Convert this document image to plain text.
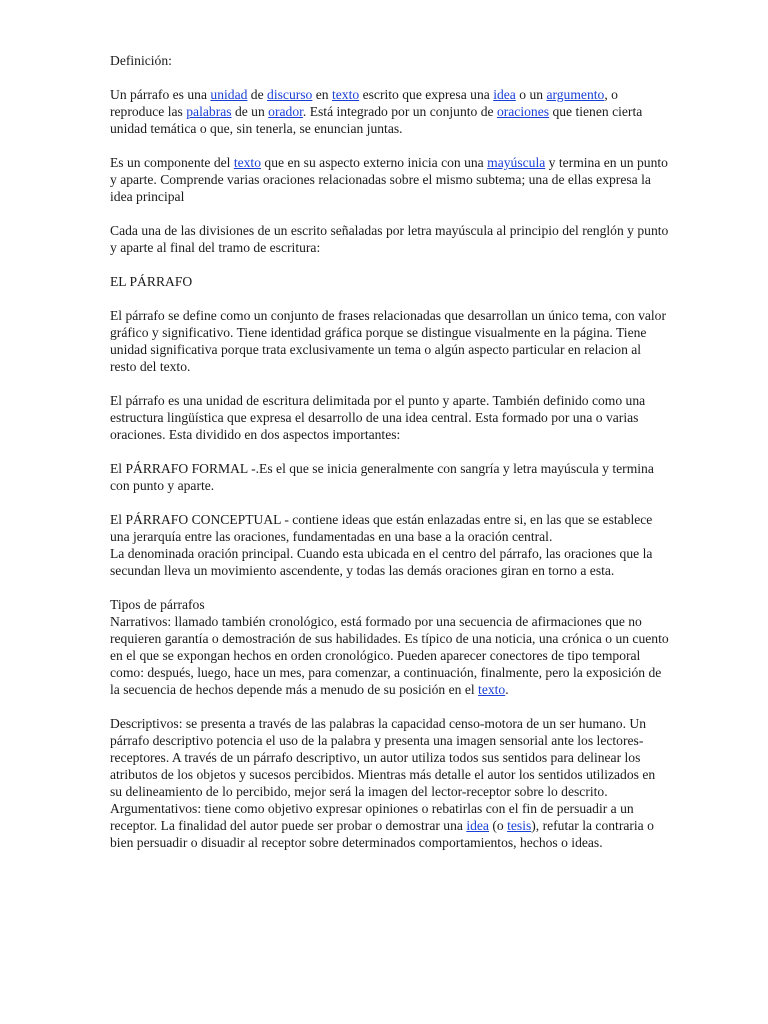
Definición:

Un párrafo es una unidad de discurso en texto escrito que expresa una idea o un argumento, o reproduce las palabras de un orador. Está integrado por un conjunto de oraciones que tienen cierta unidad temática o que, sin tenerla, se enuncian juntas.

Es un componente del texto que en su aspecto externo inicia con una mayúscula y termina en un punto y aparte. Comprende varias oraciones relacionadas sobre el mismo subtema; una de ellas expresa la idea principal

Cada una de las divisiones de un escrito señaladas por letra mayúscula al principio del renglón y punto y aparte al final del tramo de escritura:

EL PÁRRAFO

El párrafo se define como un conjunto de frases relacionadas que desarrollan un único tema, con valor gráfico y significativo. Tiene identidad gráfica porque se distingue visualmente en la página. Tiene unidad significativa porque trata exclusivamente un tema o algún aspecto particular en relacion al resto del texto.

El párrafo es una unidad de escritura delimitada por el punto y aparte. También definido como una estructura lingüística que expresa el desarrollo de una idea central. Esta formado por una o varias oraciones. Esta dividido en dos aspectos importantes:

El PÁRRAFO FORMAL -.Es el que se inicia generalmente con sangría y letra mayúscula y termina con punto y aparte.

El PÁRRAFO CONCEPTUAL - contiene ideas que están enlazadas entre si, en las que se establece una jerarquía entre las oraciones, fundamentadas en una base a la oración central.

La denominada oración principal. Cuando esta ubicada en el centro del párrafo, las oraciones que la secundan lleva un movimiento ascendente, y todas las demás oraciones giran en torno a esta.

Tipos de párrafos

Narrativos: llamado también cronológico, está formado por una secuencia de afirmaciones que no requieren garantía o demostración de sus habilidades. Es típico de una noticia, una crónica o un cuento en el que se expongan hechos en orden cronológico. Pueden aparecer conectores de tipo temporal como: después, luego, hace un mes, para comenzar, a continuación, finalmente, pero la exposición de la secuencia de hechos depende más a menudo de su posición en el texto.

Descriptivos: se presenta a través de las palabras la capacidad censo-motora de un ser humano. Un párrafo descriptivo potencia el uso de la palabra y presenta una imagen sensorial ante los lectores-receptores. A través de un párrafo descriptivo, un autor utiliza todos sus sentidos para delinear los atributos de los objetos y sucesos percibidos. Mientras más detalle el autor los sentidos utilizados en su delineamiento de lo percibido, mejor será la imagen del lector-receptor sobre lo descrito.

Argumentativos: tiene como objetivo expresar opiniones o rebatirlas con el fin de persuadir a un receptor. La finalidad del autor puede ser probar o demostrar una idea (o tesis), refutar la contraria o bien persuadir o disuadir al receptor sobre determinados comportamientos, hechos o ideas.
